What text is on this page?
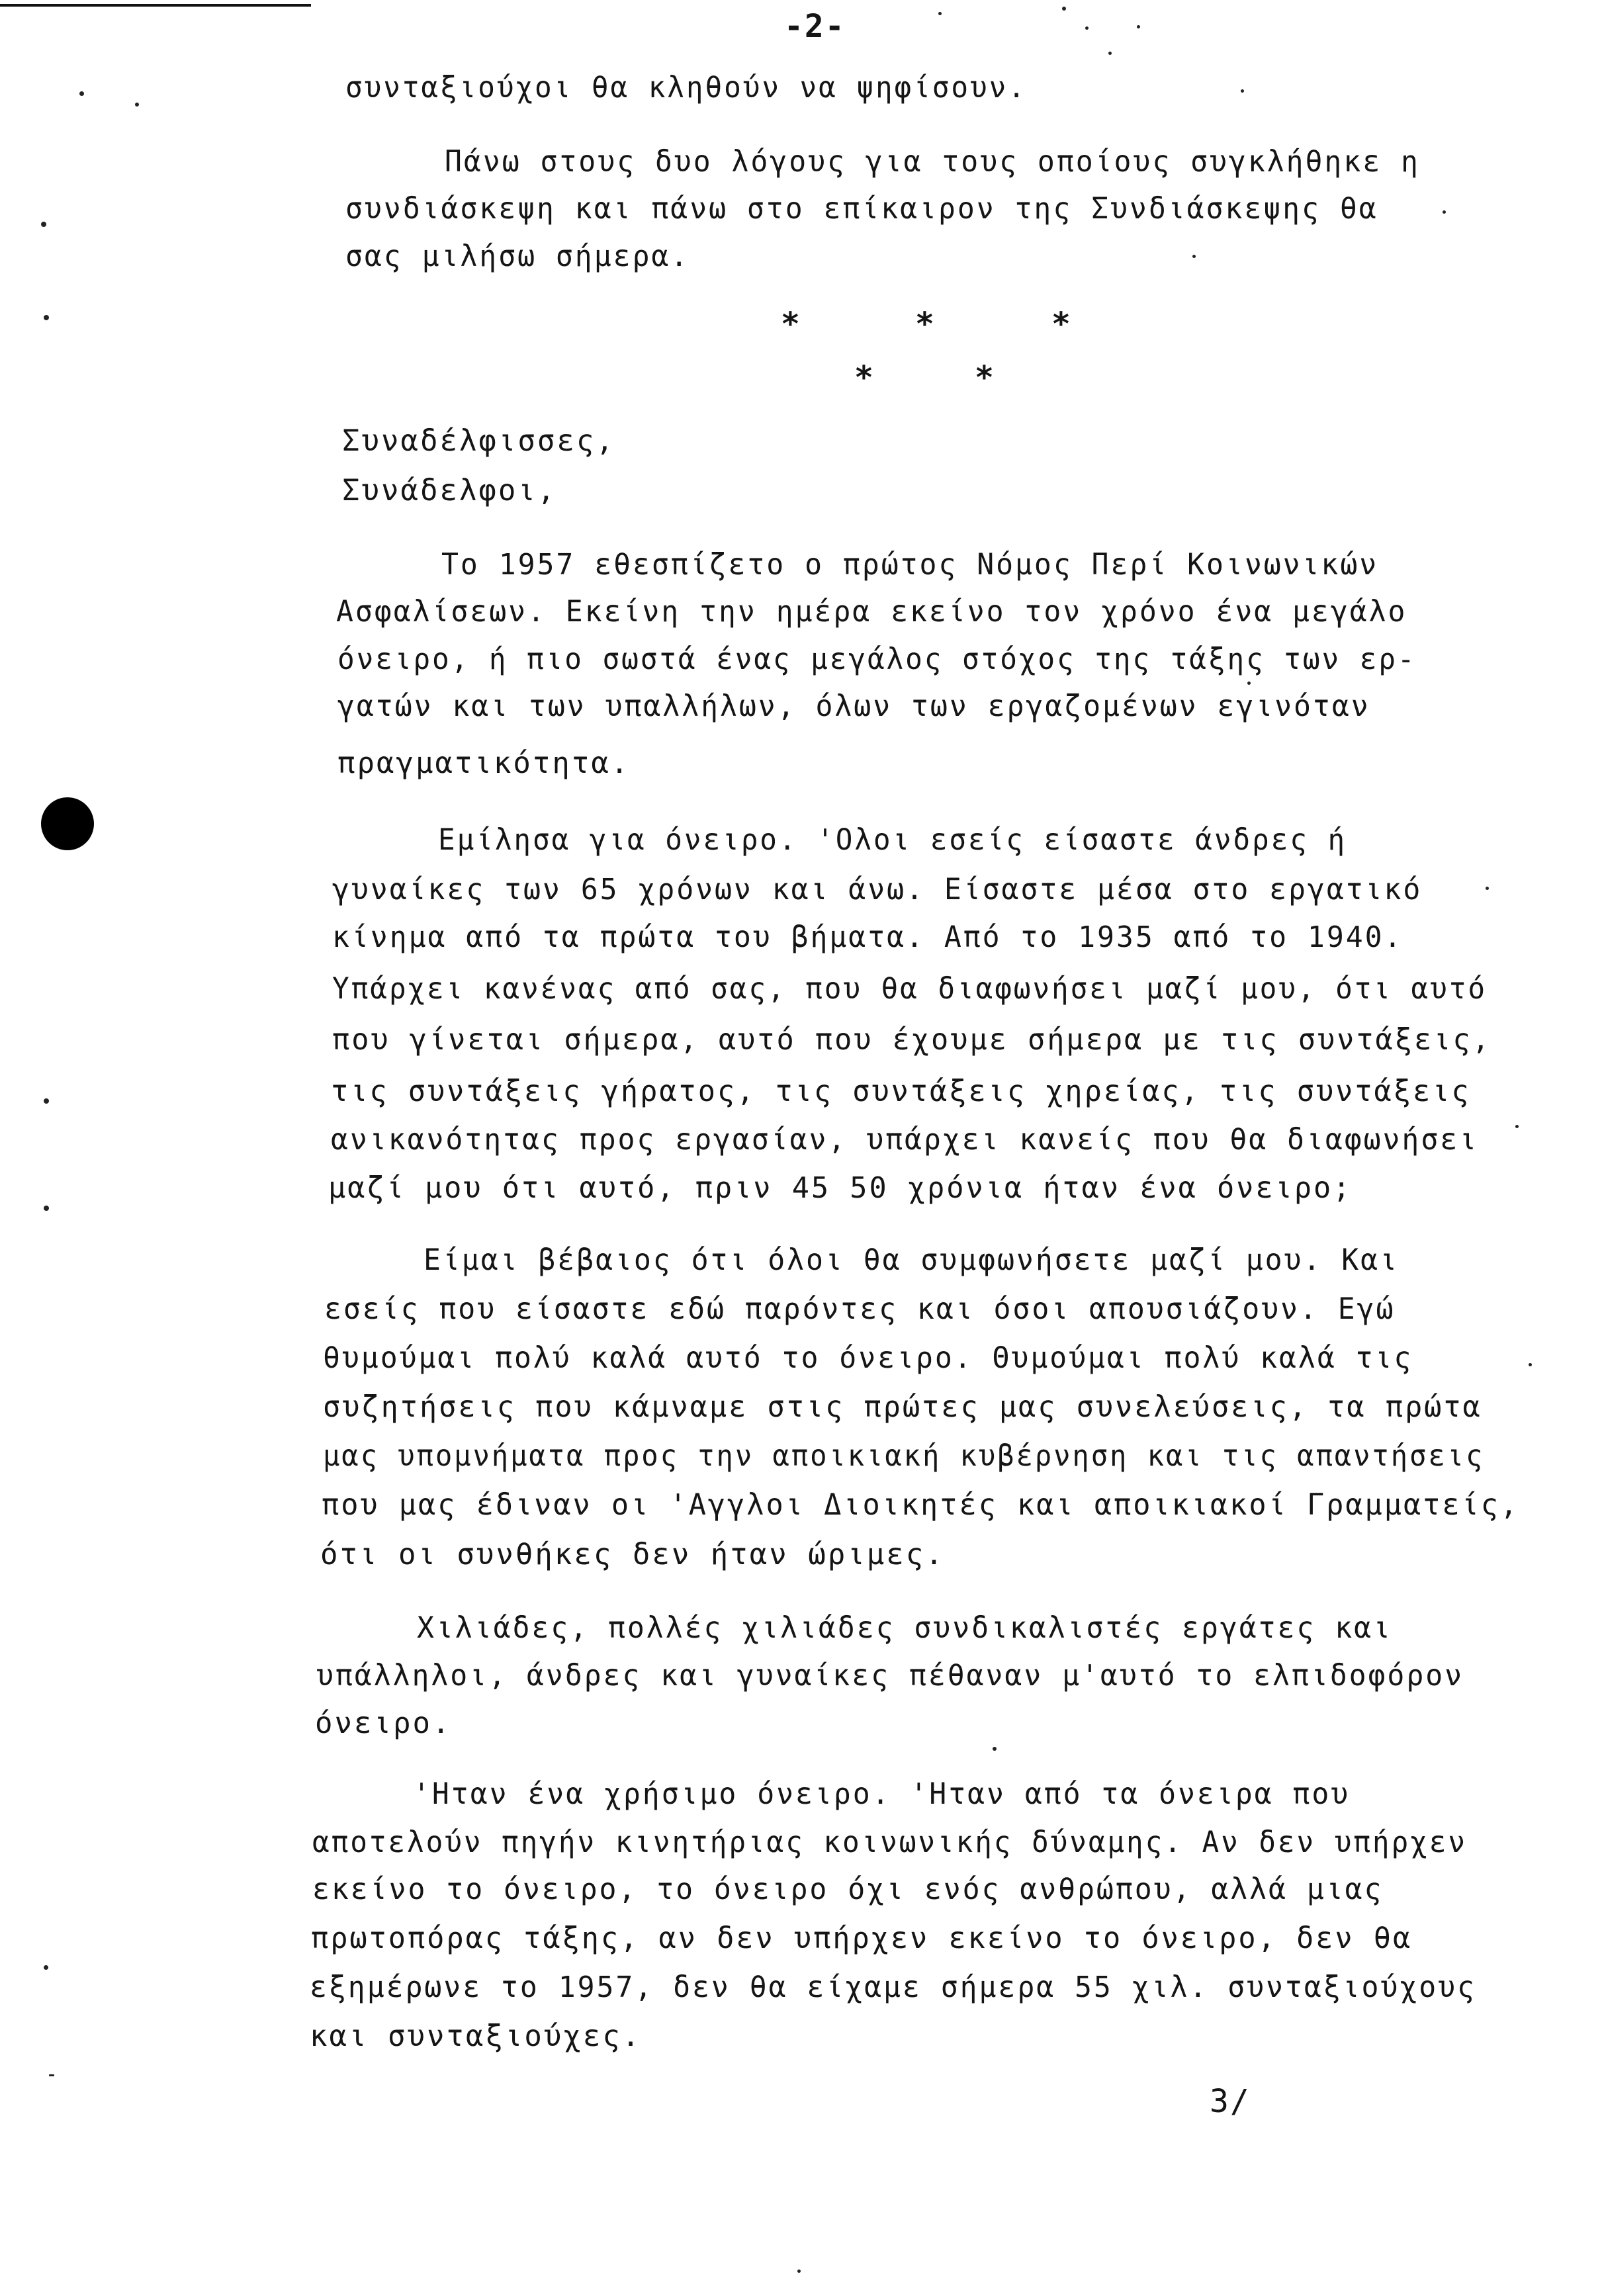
-2-
συνταξιούχοι θα κληθούν να ψηφίσουν.
Πάνω στους δυο λόγους για τους οποίους συγκλήθηκε η
συνδιάσκεψη και πάνω στο επίκαιρον της Συνδιάσκεψης θα
σας μιλήσω σήμερα.
*	*	*
*	*
Συναδέλφισσες,
Συνάδελφοι,
Το 1957 εθεσπίζετο ο πρώτος Νόμος Περί Κοινωνικών
Ασφαλίσεων. Εκείνη την ημέρα εκείνο τον χρόνο ένα μεγάλο
όνειρο, ή πιο σωστά ένας μεγάλος στόχος της τάξης των ερ-
γατών και των υπαλλήλων, όλων των εργαζομένων εγινόταν
πραγματικότητα.
Εμίλησα για όνειρο. 'Ολοι εσείς είσαστε άνδρες ή
γυναίκες των 65 χρόνων και άνω. Είσαστε μέσα στο εργατικό
κίνημα από τα πρώτα του βήματα. Από το 1935 από το 1940.
Υπάρχει κανένας από σας, που θα διαφωνήσει μαζί μου, ότι αυτό
που γίνεται σήμερα, αυτό που έχουμε σήμερα με τις συντάξεις,
τις συντάξεις γήρατος, τις συντάξεις χηρείας, τις συντάξεις
ανικανότητας προς εργασίαν, υπάρχει κανείς που θα διαφωνήσει
μαζί μου ότι αυτό, πριν 45 50 χρόνια ήταν ένα όνειρο;
Είμαι βέβαιος ότι όλοι θα συμφωνήσετε μαζί μου. Και
εσείς που είσαστε εδώ παρόντες και όσοι απουσιάζουν. Εγώ
θυμούμαι πολύ καλά αυτό το όνειρο. Θυμούμαι πολύ καλά τις
συζητήσεις που κάμναμε στις πρώτες μας συνελεύσεις, τα πρώτα
μας υπομνήματα προς την αποικιακή κυβέρνηση και τις απαντήσεις
που μας έδιναν οι 'Αγγλοι Διοικητές και αποικιακοί Γραμματείς,
ότι οι συνθήκες δεν ήταν ώριμες.
Χιλιάδες, πολλές χιλιάδες συνδικαλιστές εργάτες και
υπάλληλοι, άνδρες και γυναίκες πέθαναν μ'αυτό το ελπιδοφόρον
όνειρο.
'Ηταν ένα χρήσιμο όνειρο. 'Ηταν από τα όνειρα που
αποτελούν πηγήν κινητήριας κοινωνικής δύναμης. Αν δεν υπήρχεν
εκείνο το όνειρο, το όνειρο όχι ενός ανθρώπου, αλλά μιας
πρωτοπόρας τάξης, αν δεν υπήρχεν εκείνο το όνειρο, δεν θα
εξημέρωνε το 1957, δεν θα είχαμε σήμερα 55 χιλ. συνταξιούχους
και συνταξιούχες.
3/
